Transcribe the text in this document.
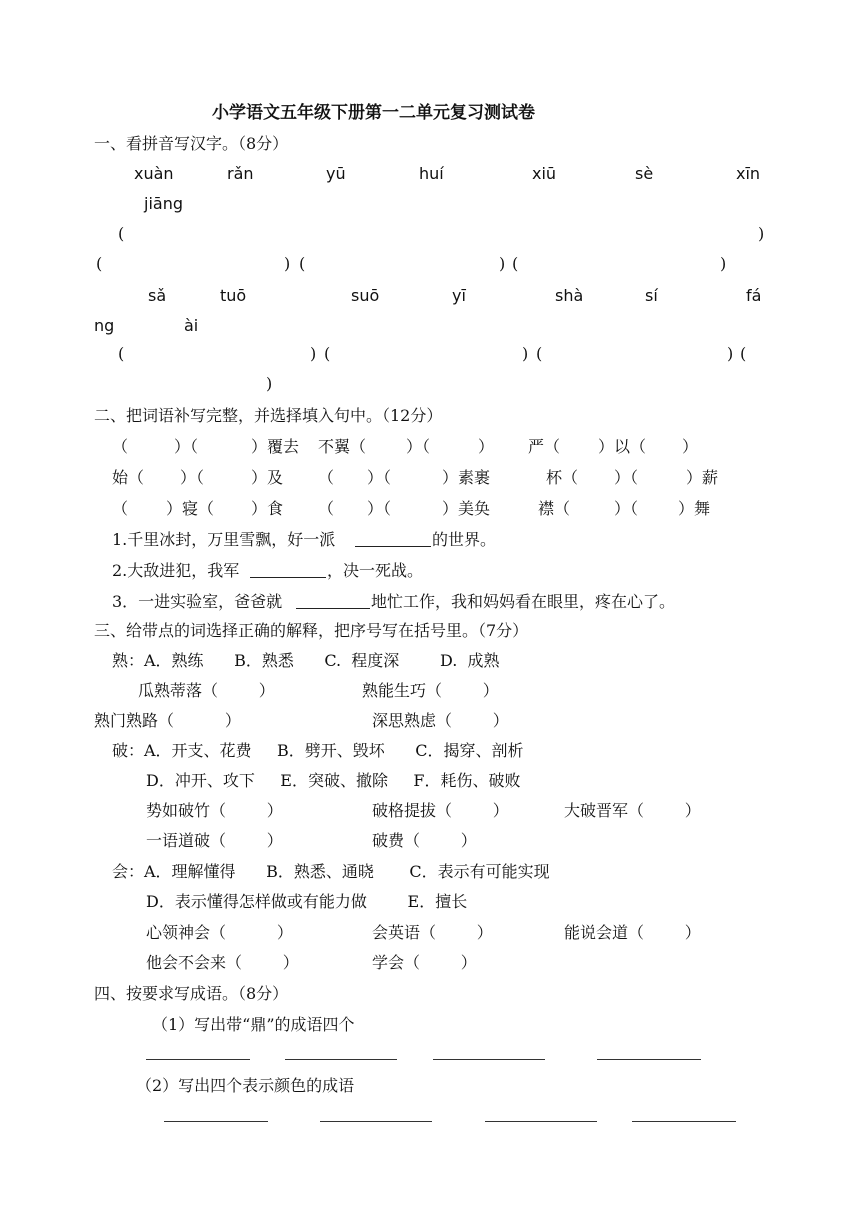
小学语文五年级下册第一二单元复习测试卷
一、看拼音写汉字。（8分）
xuàn	rǎn	yū	huí	xiū	sè	xīn
jiāng
(	)
(	) (	) (	)
sǎ	tuō	suō	yī	shà	sí	fá
ng	ài
(	) (	) (	) (
)
二、把词语补写完整，并选择填入句中。（12分）
（	）（	）覆去 不翼（ ）（	） 严（ ）以（ ）
始（ ）（	）及 （ ）（	）素裹	杯（ ）（	）薪
（ ）寝（ ）食 （ ）（	）美奂	襟（	）（ ）舞
1.千里冰封，万里雪飘，好一派	的世界。
2.大敌进犯，我军	，决一死战。
3．一进实验室，爸爸就	地忙工作，我和妈妈看在眼里，疼在心了。
三、给带点的词选择正确的解释，把序号写在括号里。（7分）
熟：A．熟练      B．熟悉      C.  程度深        D.  成熟
瓜熟蒂落（        ）	熟能生巧（        ）
熟门熟路（          ）	深思熟虑（        ）
破：A．开支、花费     B．劈开、毁坏      C．揭穿、剖析
D．冲开、攻下     E．突破、撤除     F．耗伤、破败
势如破竹（        ）	破格提拔（        ）	大破晋军（        ）
一语道破（        ）	破费（        ）
会：A．理解懂得      B．熟悉、通晓       C．表示有可能实现
D．表示懂得怎样做或有能力做        E．擅长
心领神会（          ）	会英语（        ）	能说会道（        ）
他会不会来（        ）	学会（        ）
四、按要求写成语。（8分）
（1）写出带“鼎”的成语四个
（2）写出四个表示颜色的成语
